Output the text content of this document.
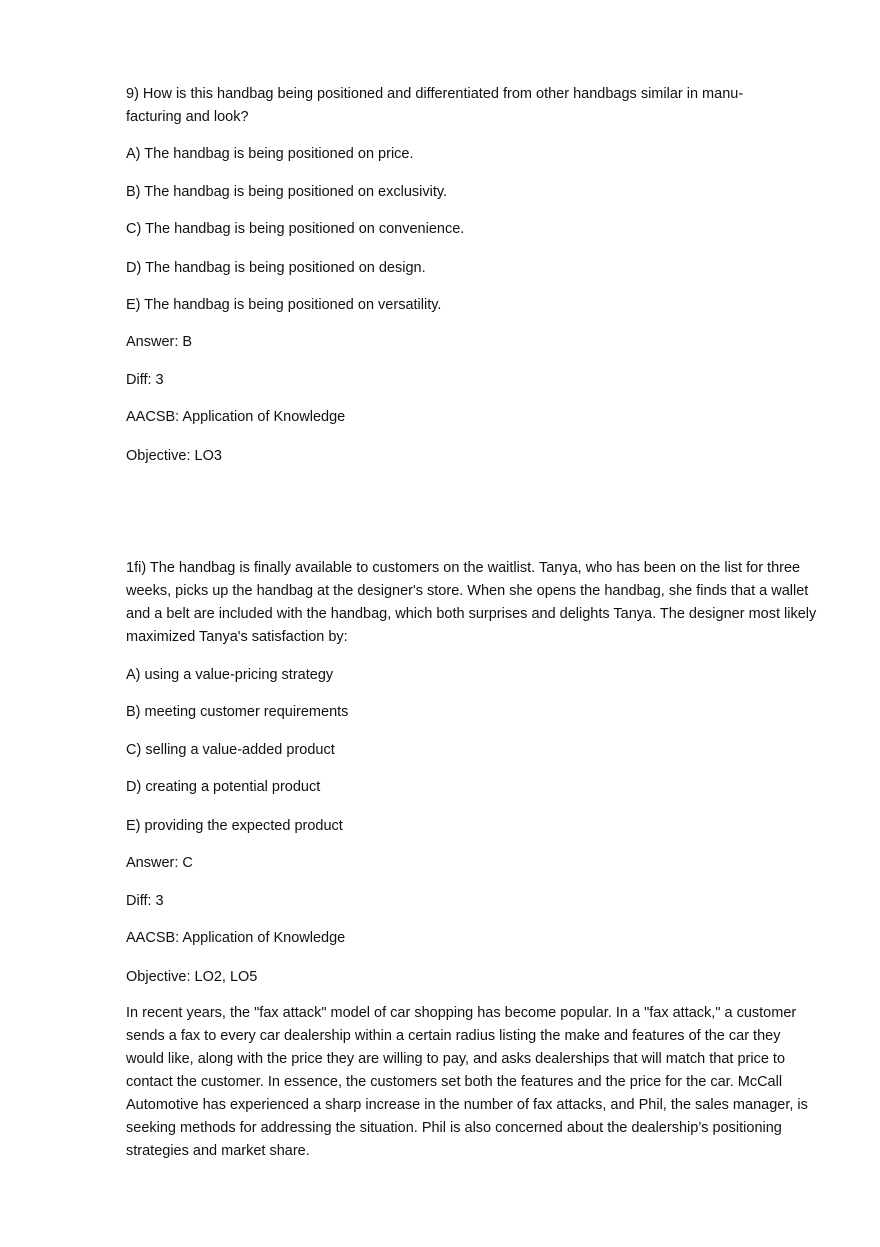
9) How is this handbag being positioned and differentiated from other handbags similar in manu-

facturing and look?

A) The handbag is being positioned on price.

B) The handbag is being positioned on exclusivity.

C) The handbag is being positioned on convenience.

D) The handbag is being positioned on design.

E) The handbag is being positioned on versatility.

Answer: B

Diff: 3

AACSB: Application of Knowledge

Objective: LO3

1fi) The handbag is finally available to customers on the waitlist. Tanya, who has been on the list for three weeks, picks up the handbag at the designer's store. When she opens the handbag, she finds that a wallet and a belt are included with the handbag, which both surprises and delights Tanya. The designer most likely maximized Tanya's satisfaction by:

A) using a value-pricing strategy

B) meeting customer requirements

C) selling a value-added product

D) creating a potential product

E) providing the expected product

Answer: C

Diff: 3

AACSB: Application of Knowledge

Objective: LO2, LO5

In recent years, the "fax attack" model of car shopping has become popular. In a "fax attack," a customer sends a fax to every car dealership within a certain radius listing the make and features of the car they would like, along with the price they are willing to pay, and asks dealerships that will match that price to contact the customer. In essence, the customers set both the features and the price for the car. McCall Automotive has experienced a sharp increase in the number of fax attacks, and Phil, the sales manager, is seeking methods for addressing the situation. Phil is also concerned about the dealership’s positioning strategies and market share.
